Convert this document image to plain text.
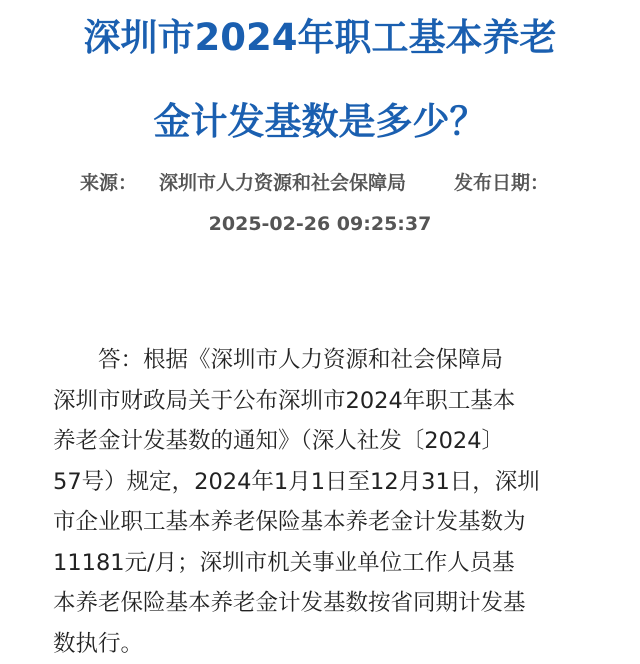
深圳市2024年职工基本养老
金计发基数是多少？
来源： 深圳市人力资源和社会保障局	发布日期：
2025-02-26 09:25:37
答：根据《深圳市人力资源和社会保障局
深圳市财政局关于公布深圳市2024年职工基本
养老金计发基数的通知》（深人社发〔2024〕
57号）规定，2024年1月1日至12月31日，深圳
市企业职工基本养老保险基本养老金计发基数为
11181元/月；深圳市机关事业单位工作人员基
本养老保险基本养老金计发基数按省同期计发基
数执行。
